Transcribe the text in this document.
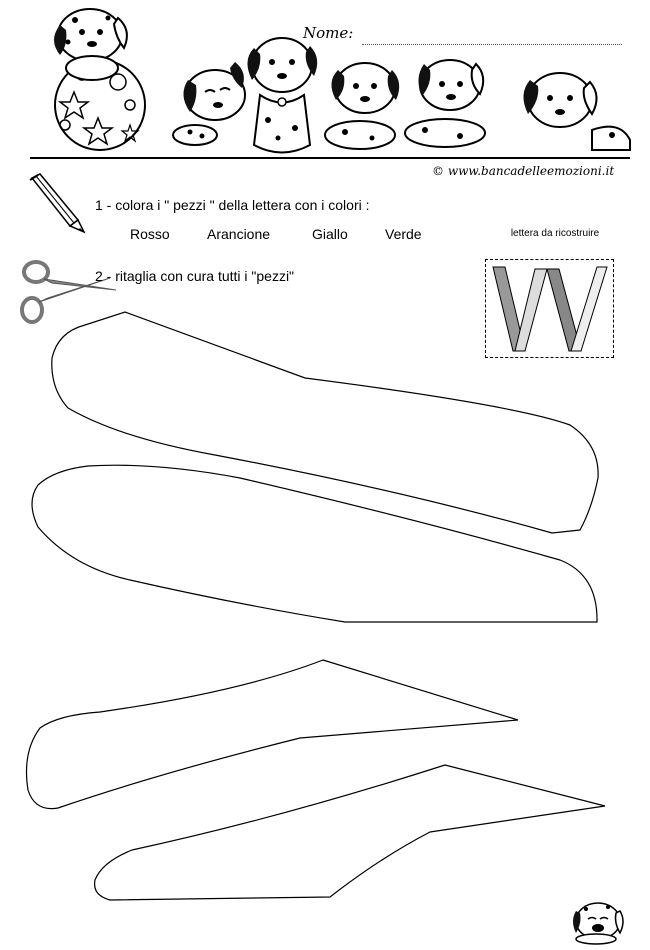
Nome:
© www.bancadelleemozioni.it
1 - colora i " pezzi " della lettera con i colori :
Rosso	Arancione	Giallo	Verde
2 - ritaglia con cura tutti i "pezzi"
lettera da ricostruire
